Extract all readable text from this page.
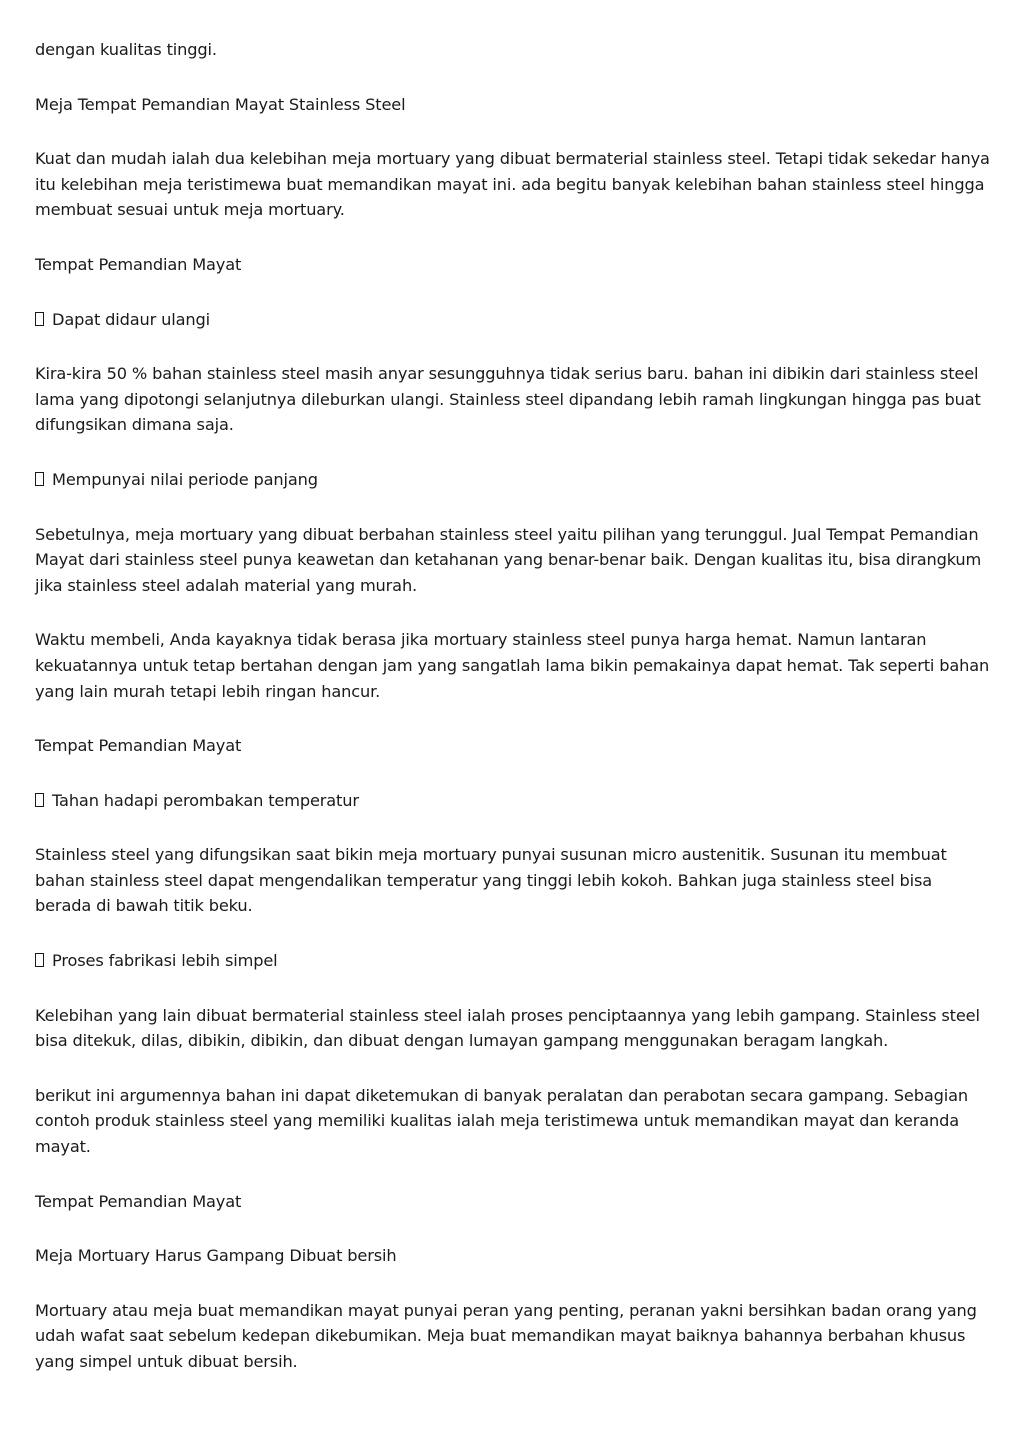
dengan kualitas tinggi.

Meja Tempat Pemandian Mayat Stainless Steel

Kuat dan mudah ialah dua kelebihan meja mortuary yang dibuat bermaterial stainless steel. Tetapi tidak sekedar hanya itu kelebihan meja teristimewa buat memandikan mayat ini. ada begitu banyak kelebihan bahan stainless steel hingga membuat sesuai untuk meja mortuary.

Tempat Pemandian Mayat

Dapat didaur ulangi

Kira-kira 50 % bahan stainless steel masih anyar sesungguhnya tidak serius baru. bahan ini dibikin dari stainless steel lama yang dipotongi selanjutnya dileburkan ulangi. Stainless steel dipandang lebih ramah lingkungan hingga pas buat difungsikan dimana saja.

Mempunyai nilai periode panjang

Sebetulnya, meja mortuary yang dibuat berbahan stainless steel yaitu pilihan yang terunggul. Jual Tempat Pemandian Mayat dari stainless steel punya keawetan dan ketahanan yang benar-benar baik. Dengan kualitas itu, bisa dirangkum jika stainless steel adalah material yang murah.

Waktu membeli, Anda kayaknya tidak berasa jika mortuary stainless steel punya harga hemat. Namun lantaran kekuatannya untuk tetap bertahan dengan jam yang sangatlah lama bikin pemakainya dapat hemat. Tak seperti bahan yang lain murah tetapi lebih ringan hancur.

Tempat Pemandian Mayat

Tahan hadapi perombakan temperatur

Stainless steel yang difungsikan saat bikin meja mortuary punyai susunan micro austenitik. Susunan itu membuat bahan stainless steel dapat mengendalikan temperatur yang tinggi lebih kokoh. Bahkan juga stainless steel bisa berada di bawah titik beku.

Proses fabrikasi lebih simpel

Kelebihan yang lain dibuat bermaterial stainless steel ialah proses penciptaannya yang lebih gampang. Stainless steel bisa ditekuk, dilas, dibikin, dibikin, dan dibuat dengan lumayan gampang menggunakan beragam langkah.

berikut ini argumennya bahan ini dapat diketemukan di banyak peralatan dan perabotan secara gampang. Sebagian contoh produk stainless steel yang memiliki kualitas ialah meja teristimewa untuk memandikan mayat dan keranda mayat.

Tempat Pemandian Mayat

Meja Mortuary Harus Gampang Dibuat bersih

Mortuary atau meja buat memandikan mayat punyai peran yang penting, peranan yakni bersihkan badan orang yang udah wafat saat sebelum kedepan dikebumikan. Meja buat memandikan mayat baiknya bahannya berbahan khusus yang simpel untuk dibuat bersih.
